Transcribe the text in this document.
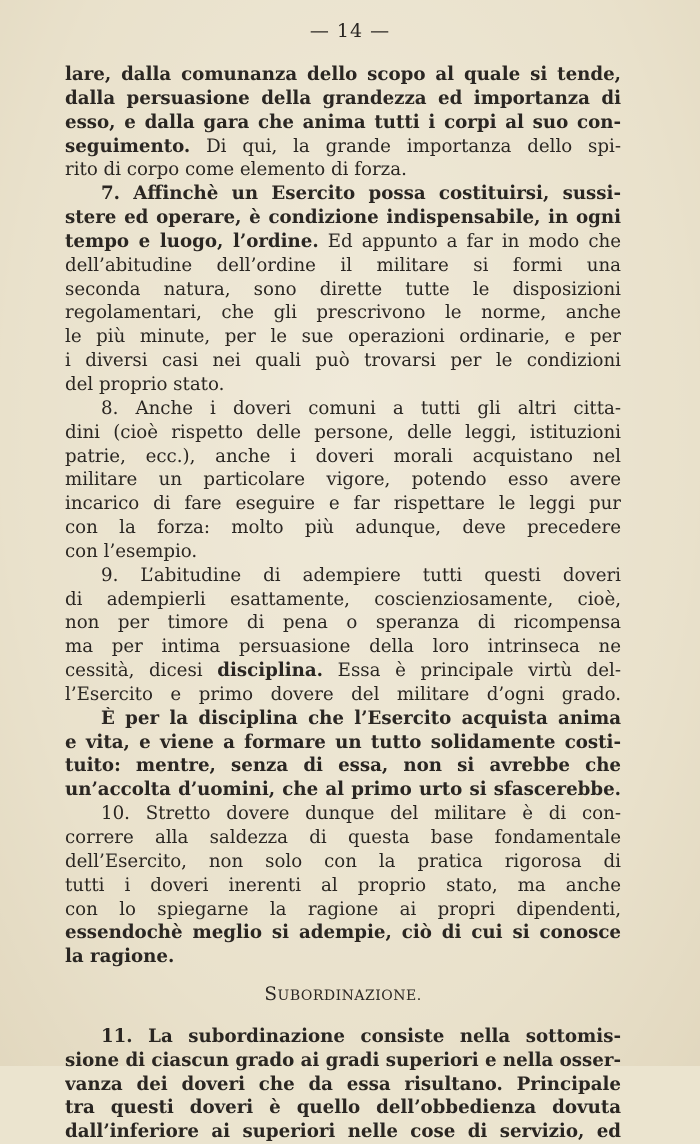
— 14 —
lare, dalla comunanza dello scopo al quale si tende,
dalla persuasione della grandezza ed importanza di
esso, e dalla gara che anima tutti i corpi al suo con-
seguimento. Di qui, la grande importanza dello spi-
rito di corpo come elemento di forza.
7. Affinchè un Esercito possa costituirsi, sussi-
stere ed operare, è condizione indispensabile, in ogni
tempo e luogo, l’ordine. Ed appunto a far in modo che
dell’abitudine dell’ordine il militare si formi una
seconda natura, sono dirette tutte le disposizioni
regolamentari, che gli prescrivono le norme, anche
le più minute, per le sue operazioni ordinarie, e per
i diversi casi nei quali può trovarsi per le condizioni
del proprio stato.
8. Anche i doveri comuni a tutti gli altri citta-
dini (cioè rispetto delle persone, delle leggi, istituzioni
patrie, ecc.), anche i doveri morali acquistano nel
militare un particolare vigore, potendo esso avere
incarico di fare eseguire e far rispettare le leggi pur
con la forza: molto più adunque, deve precedere
con l’esempio.
9. L’abitudine di adempiere tutti questi doveri
di adempierli esattamente, coscienziosamente, cioè,
non per timore di pena o speranza di ricompensa
ma per intima persuasione della loro intrinseca ne
cessità, dicesi disciplina. Essa è principale virtù del-
l’Esercito e primo dovere del militare d’ogni grado.
È per la disciplina che l’Esercito acquista anima
e vita, e viene a formare un tutto solidamente costi-
tuito: mentre, senza di essa, non si avrebbe che
un’accolta d’uomini, che al primo urto si sfascerebbe.
10. Stretto dovere dunque del militare è di con-
correre alla saldezza di questa base fondamentale
dell’Esercito, non solo con la pratica rigorosa di
tutti i doveri inerenti al proprio stato, ma anche
con lo spiegarne la ragione ai propri dipendenti,
essendochè meglio si adempie, ciò di cui si conosce
la ragione.
SUBORDINAZIONE.
11. La subordinazione consiste nella sottomis-
sione di ciascun grado ai gradi superiori e nella osser-
vanza dei doveri che da essa risultano. Principale
tra questi doveri è quello dell’obbedienza dovuta
dall’inferiore ai superiori nelle cose di servizio, ed
